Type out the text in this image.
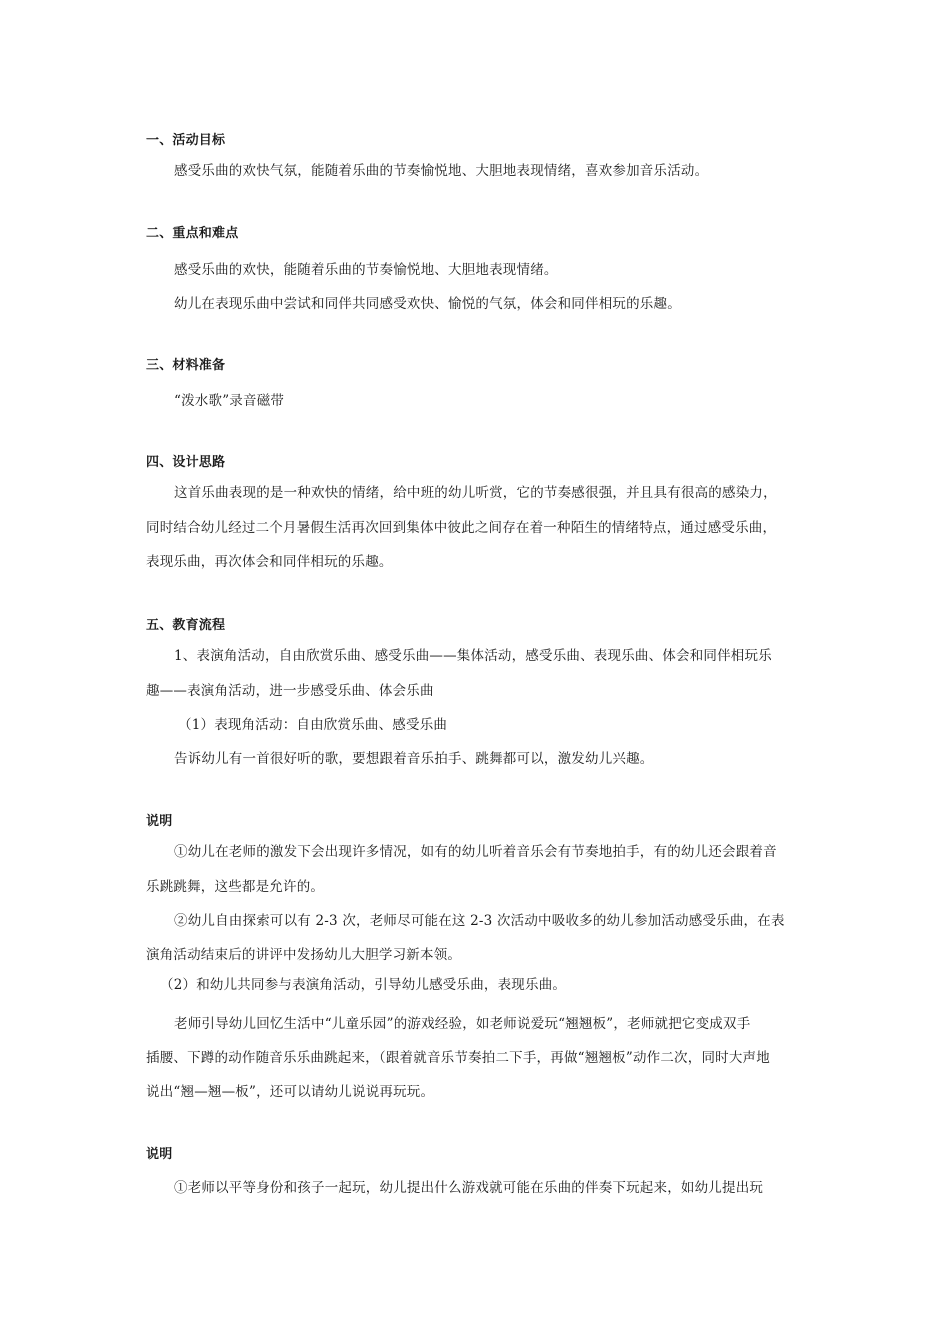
一、活动目标
感受乐曲的欢快气氛，能随着乐曲的节奏愉悦地、大胆地表现情绪，喜欢参加音乐活动。
二、重点和难点
感受乐曲的欢快，能随着乐曲的节奏愉悦地、大胆地表现情绪。
幼儿在表现乐曲中尝试和同伴共同感受欢快、愉悦的气氛，体会和同伴相玩的乐趣。
三、材料准备
“泼水歌”录音磁带
四、设计思路
这首乐曲表现的是一种欢快的情绪，给中班的幼儿听赏，它的节奏感很强，并且具有很高的感染力，
同时结合幼儿经过二个月暑假生活再次回到集体中彼此之间存在着一种陌生的情绪特点，通过感受乐曲，
表现乐曲，再次体会和同伴相玩的乐趣。
五、教育流程
1、表演角活动，自由欣赏乐曲、感受乐曲——集体活动，感受乐曲、表现乐曲、体会和同伴相玩乐
趣——表演角活动，进一步感受乐曲、体会乐曲
（1）表现角活动：自由欣赏乐曲、感受乐曲
告诉幼儿有一首很好听的歌，要想跟着音乐拍手、跳舞都可以，激发幼儿兴趣。
说明
①幼儿在老师的激发下会出现许多情况，如有的幼儿听着音乐会有节奏地拍手，有的幼儿还会跟着音
乐跳跳舞，这些都是允许的。
②幼儿自由探索可以有 2-3 次，老师尽可能在这 2-3 次活动中吸收多的幼儿参加活动感受乐曲，在表
演角活动结束后的讲评中发扬幼儿大胆学习新本领。
（2）和幼儿共同参与表演角活动，引导幼儿感受乐曲，表现乐曲。
老师引导幼儿回忆生活中“儿童乐园”的游戏经验，如老师说爱玩“翘翘板”，老师就把它变成双手
插腰、下蹲的动作随音乐乐曲跳起来，（跟着就音乐节奏拍二下手，再做“翘翘板”动作二次，同时大声地
说出“翘—翘—板”，还可以请幼儿说说再玩玩。
说明
①老师以平等身份和孩子一起玩，幼儿提出什么游戏就可能在乐曲的伴奏下玩起来，如幼儿提出玩
